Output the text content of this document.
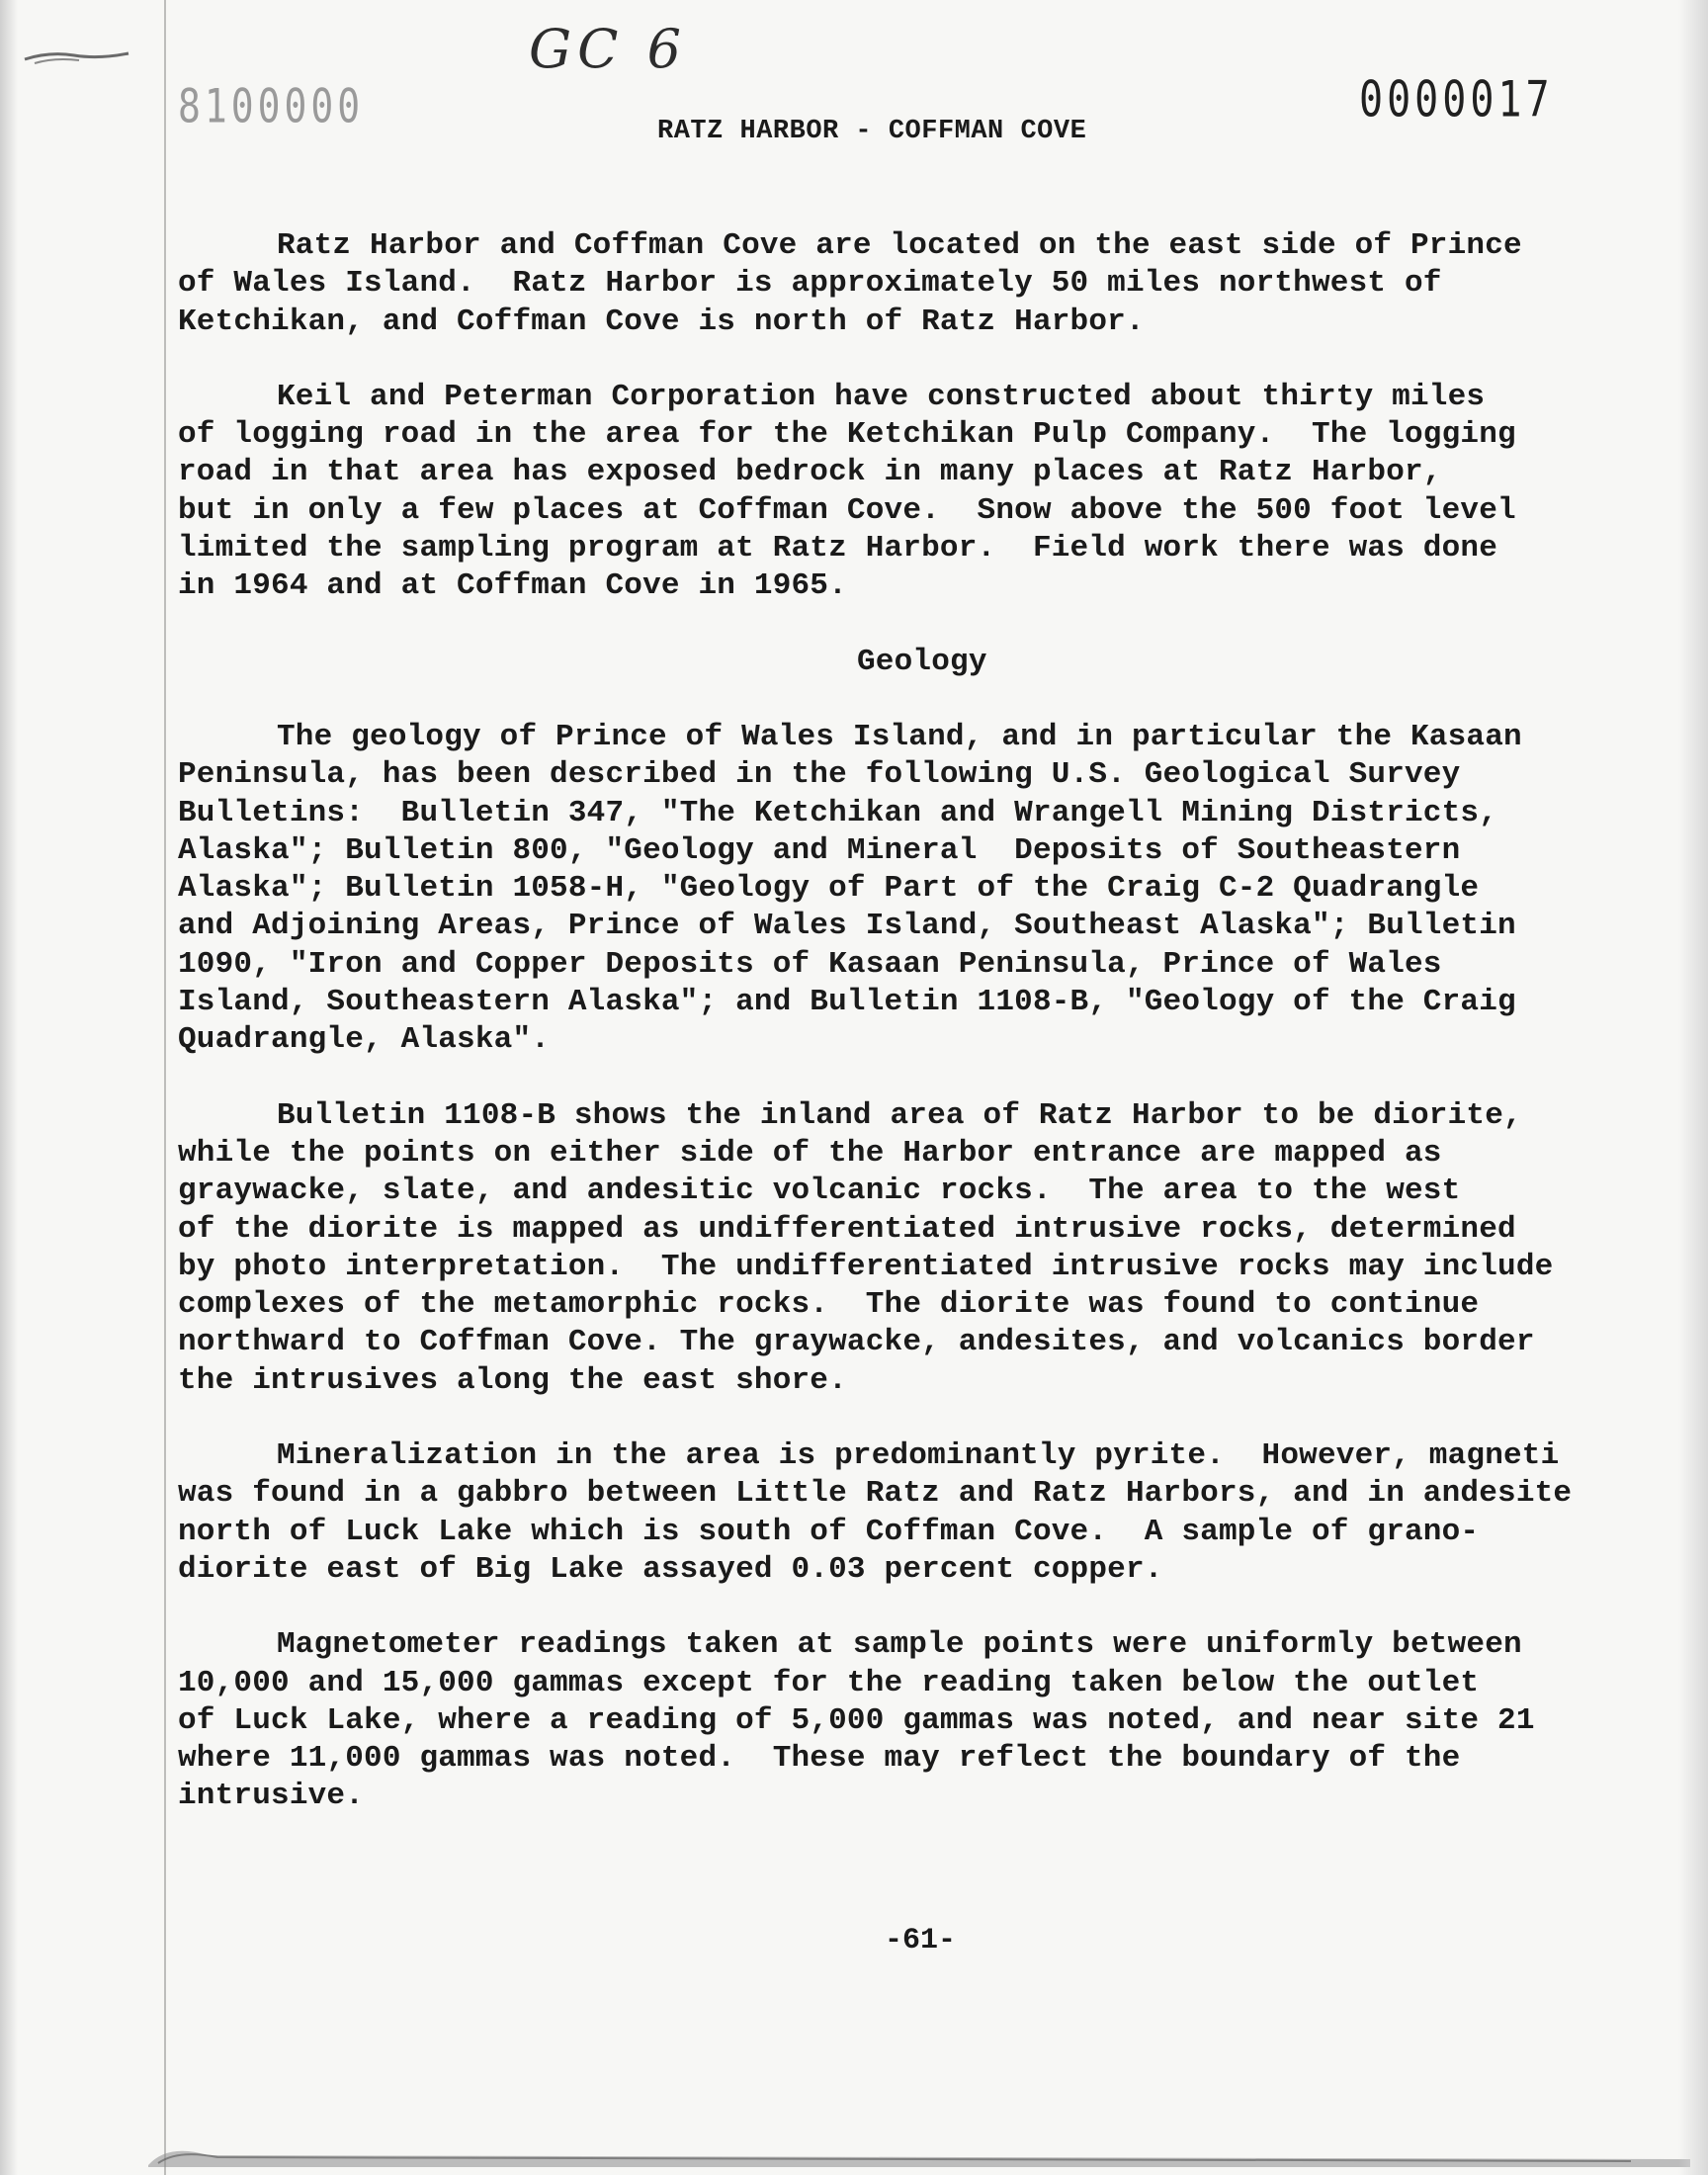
GC 6
8100000	0000017
RATZ HARBOR - COFFMAN COVE
Ratz Harbor and Coffman Cove are located on the east side of Prince
of Wales Island.  Ratz Harbor is approximately 50 miles northwest of
Ketchikan, and Coffman Cove is north of Ratz Harbor.
Keil and Peterman Corporation have constructed about thirty miles
of logging road in the area for the Ketchikan Pulp Company.  The logging
road in that area has exposed bedrock in many places at Ratz Harbor,
but in only a few places at Coffman Cove.  Snow above the 500 foot level
limited the sampling program at Ratz Harbor.  Field work there was done
in 1964 and at Coffman Cove in 1965.
Geology
The geology of Prince of Wales Island, and in particular the Kasaan
Peninsula, has been described in the following U.S. Geological Survey
Bulletins:  Bulletin 347, "The Ketchikan and Wrangell Mining Districts,
Alaska"; Bulletin 800, "Geology and Mineral  Deposits of Southeastern
Alaska"; Bulletin 1058-H, "Geology of Part of the Craig C-2 Quadrangle
and Adjoining Areas, Prince of Wales Island, Southeast Alaska"; Bulletin
1090, "Iron and Copper Deposits of Kasaan Peninsula, Prince of Wales
Island, Southeastern Alaska"; and Bulletin 1108-B, "Geology of the Craig
Quadrangle, Alaska".
Bulletin 1108-B shows the inland area of Ratz Harbor to be diorite,
while the points on either side of the Harbor entrance are mapped as
graywacke, slate, and andesitic volcanic rocks.  The area to the west
of the diorite is mapped as undifferentiated intrusive rocks, determined
by photo interpretation.  The undifferentiated intrusive rocks may include
complexes of the metamorphic rocks.  The diorite was found to continue
northward to Coffman Cove. The graywacke, andesites, and volcanics border
the intrusives along the east shore.
Mineralization in the area is predominantly pyrite.  However, magneti
was found in a gabbro between Little Ratz and Ratz Harbors, and in andesite
north of Luck Lake which is south of Coffman Cove.  A sample of grano-
diorite east of Big Lake assayed 0.03 percent copper.
Magnetometer readings taken at sample points were uniformly between
10,000 and 15,000 gammas except for the reading taken below the outlet
of Luck Lake, where a reading of 5,000 gammas was noted, and near site 21
where 11,000 gammas was noted.  These may reflect the boundary of the
intrusive.
-61-
